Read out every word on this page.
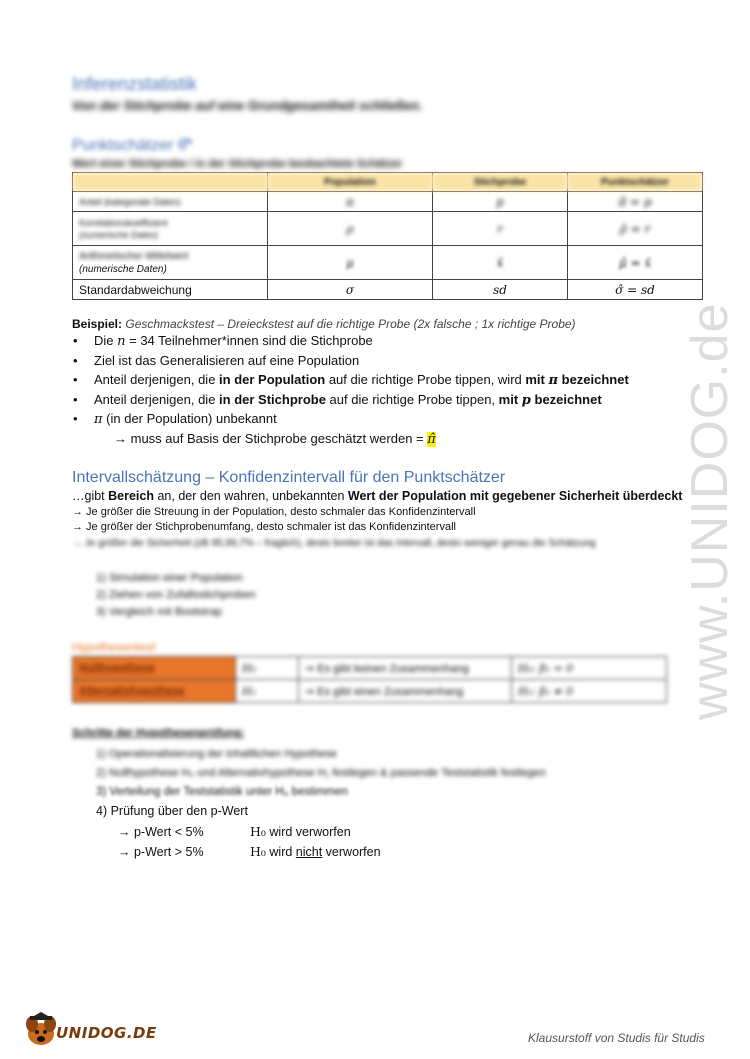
Inferenzstatistik
Von der Stichprobe auf eine Grundgesamtheit schließen.
Punktschätzer θ̂*
Wert einer Stichprobe / in der Stichprobe beobachtete Schätzer
	Population	Stichprobe	Punktschätzer
Anteil (kategoriale Daten)	π	p	π̂ = p

Korrelationskoeffizient
(numerische Daten)	ρ	r	ρ̂ = r

Arithmetischer Mittelwert
(numerische Daten)	μ	x̄	μ̂ = x̄
Standardabweichung	σ	sd	σ̂ = sd
www.UNIDOG.de
Beispiel: Geschmackstest – Dreieckstest auf die richtige Probe (2x falsche ; 1x richtige Probe)
• Die n = 34 Teilnehmer*innen sind die Stichprobe
• Ziel ist das Generalisieren auf eine Population
• Anteil derjenigen, die in der Population auf die richtige Probe tippen, wird mit π bezeichnet
• Anteil derjenigen, die in der Stichprobe auf die richtige Probe tippen, mit p bezeichnet
• π (in der Population) unbekannt
→ muss auf Basis der Stichprobe geschätzt werden = π̂
Intervallschätzung – Konfidenzintervall für den Punktschätzer
…gibt Bereich an, der den wahren, unbekannten Wert der Population mit gegebener Sicherheit überdeckt
→ Je größer die Streuung in der Population, desto schmaler das Konfidenzintervall
→ Je größer der Stichprobenumfang, desto schmaler ist das Konfidenzintervall
→ Je größer die Sicherheit (zB 95,99,7% – fraglich), desto breiter ist das Intervall, desto weniger genau die Schätzung
1) Simulation einer Population
2) Ziehen von Zufallsstichproben
3) Vergleich mit Bootstrap
Hypothesentest
Nullhypothese	H₀	⇒ Es gibt keinen Zusammenhang	H₀: β₁ = 0
Alternativhypothese	H₁	⇒ Es gibt einen Zusammenhang	H₁: β₁ ≠ 0
Schritte der Hypothesenprüfung:
1) Operationalisierung der inhaltlichen Hypothese
2) Nullhypothese H₀ und Alternativhypothese H₁ festlegen & passende Teststatistik festlegen
3) Verteilung der Teststatistik unter H₀ bestimmen
4) Prüfung über den p-Wert
→ p-Wert < 5%	H₀ wird verworfen
→ p-Wert > 5%	H₀ wird nicht verworfen
UNIDOG.DE	Klausurstoff von Studis für Studis
